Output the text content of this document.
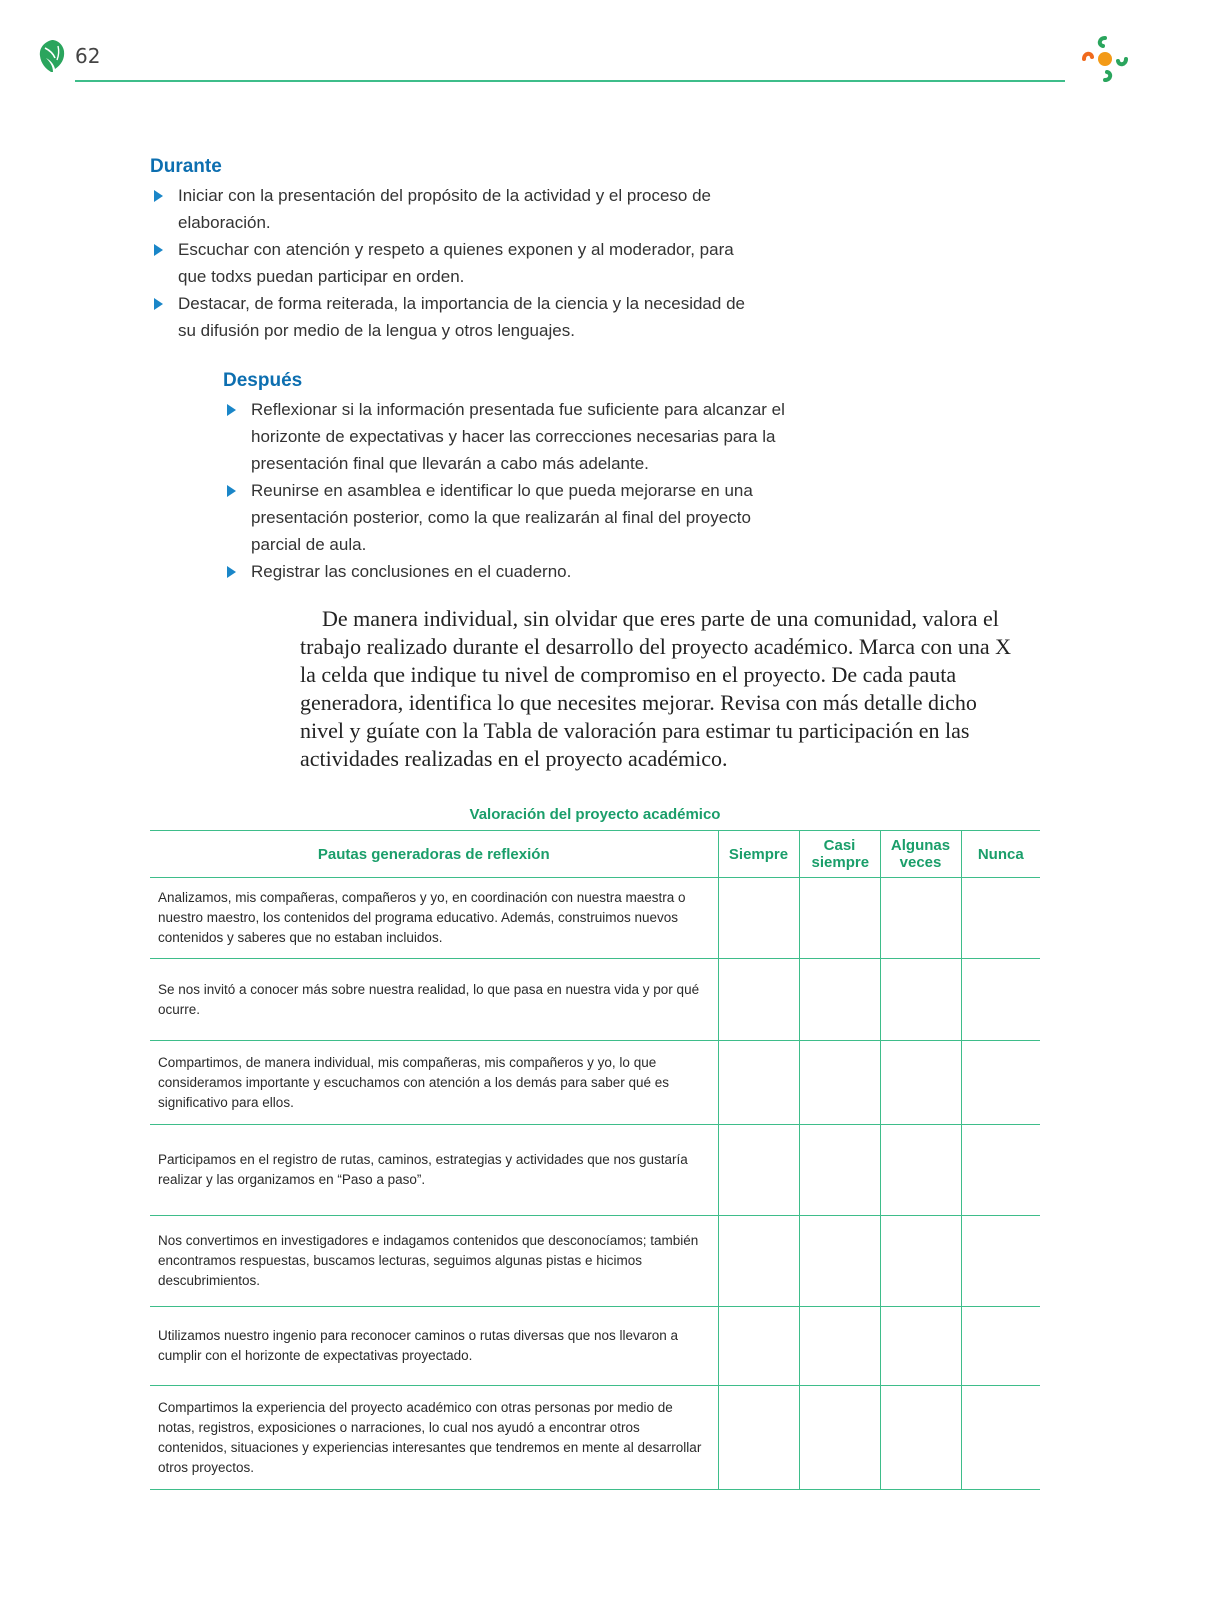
62
Durante
Iniciar con la presentación del propósito de la actividad y el proceso de elaboración.
Escuchar con atención y respeto a quienes exponen y al moderador, para que todxs puedan participar en orden.
Destacar, de forma reiterada, la importancia de la ciencia y la necesidad de su difusión por medio de la lengua y otros lenguajes.
Después
Reflexionar si la información presentada fue suficiente para alcanzar el horizonte de expectativas y hacer las correcciones necesarias para la presentación final que llevarán a cabo más adelante.
Reunirse en asamblea e identificar lo que pueda mejorarse en una presentación posterior, como la que realizarán al final del proyecto parcial de aula.
Registrar las conclusiones en el cuaderno.

De manera individual, sin olvidar que eres parte de una comunidad, valora el trabajo realizado durante el desarrollo del proyecto académico. Marca con una X la celda que indique tu nivel de compromiso en el proyecto. De cada pauta generadora, identifica lo que necesites mejorar. Revisa con más detalle dicho nivel y guíate con la Tabla de valoración para estimar tu participación en las actividades realizadas en el proyecto académico.

Valoración del proyecto académico
Pautas generadoras de reflexión	Siempre	Casi siempre	Algunas veces	Nunca
Analizamos, mis compañeras, compañeros y yo, en coordinación con nuestra maestra o nuestro maestro, los contenidos del programa educativo. Además, construimos nuevos contenidos y saberes que no estaban incluidos.				
Se nos invitó a conocer más sobre nuestra realidad, lo que pasa en nuestra vida y por qué ocurre.				
Compartimos, de manera individual, mis compañeras, mis compañeros y yo, lo que consideramos importante y escuchamos con atención a los demás para saber qué es significativo para ellos.				
Participamos en el registro de rutas, caminos, estrategias y actividades que nos gustaría realizar y las organizamos en “Paso a paso”.				
Nos convertimos en investigadores e indagamos contenidos que desconocíamos; también encontramos respuestas, buscamos lecturas, seguimos algunas pistas e hicimos descubrimientos.				
Utilizamos nuestro ingenio para reconocer caminos o rutas diversas que nos llevaron a cumplir con el horizonte de expectativas proyectado.				
Compartimos la experiencia del proyecto académico con otras personas por medio de notas, registros, exposiciones o narraciones, lo cual nos ayudó a encontrar otros contenidos, situaciones y experiencias interesantes que tendremos en mente al desarrollar otros proyectos.				
